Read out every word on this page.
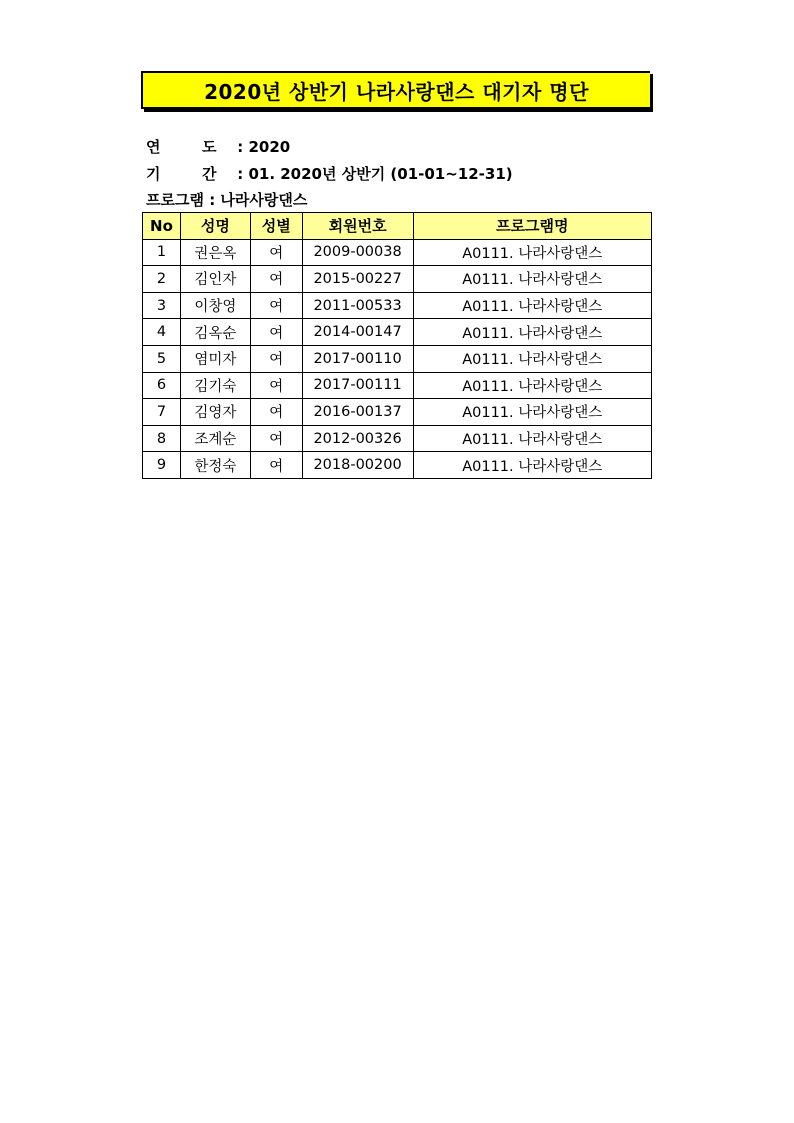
2020년 상반기 나라사랑댄스 대기자 명단
연	도 : 2020
기	간 : 01. 2020년 상반기 (01-01~12-31)
프로그램 : 나라사랑댄스
No	성명	성별	회원번호	프로그램명
1	권은옥	여	2009-00038	A0111. 나라사랑댄스
2	김인자	여	2015-00227	A0111. 나라사랑댄스
3	이창영	여	2011-00533	A0111. 나라사랑댄스
4	김옥순	여	2014-00147	A0111. 나라사랑댄스
5	염미자	여	2017-00110	A0111. 나라사랑댄스
6	김기숙	여	2017-00111	A0111. 나라사랑댄스
7	김영자	여	2016-00137	A0111. 나라사랑댄스
8	조계순	여	2012-00326	A0111. 나라사랑댄스
9	한정숙	여	2018-00200	A0111. 나라사랑댄스
